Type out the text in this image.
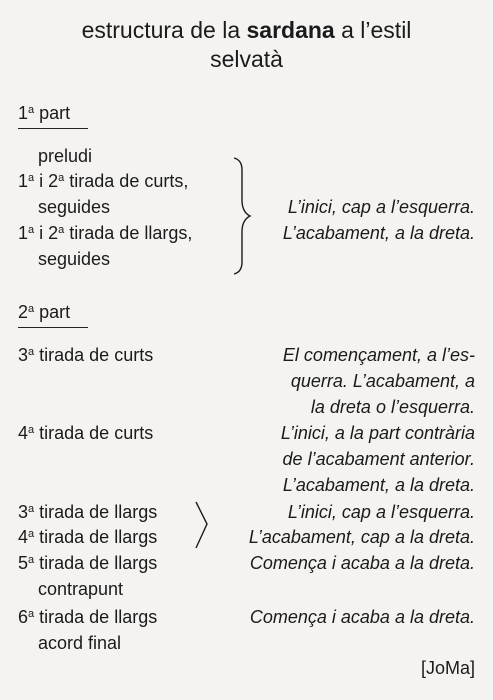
estructura de la sardana a l’estil
selvatà
1$^a$ part
preludi
1$^a$ i 2$^a$ tirada de curts,
seguides
1$^a$ i 2$^a$ tirada de llargs,
seguides
L’inici, cap a l’esquerra.
L’acabament, a la dreta.
2$^a$ part
3$^a$ tirada de curts	El començament, a l’es-
querra. L’acabament, a
la dreta o l’esquerra.
4$^a$ tirada de curts	L’inici, a la part contrària
de l’acabament anterior.
L’acabament, a la dreta.
3$^a$ tirada de llargs
4$^a$ tirada de llargs
L’inici, cap a l’esquerra.
L’acabament, cap a la dreta.
5$^a$ tirada de llargs	Comença i acaba a la dreta.
contrapunt
6$^a$ tirada de llargs	Comença i acaba a la dreta.
acord final
[JoMa]
